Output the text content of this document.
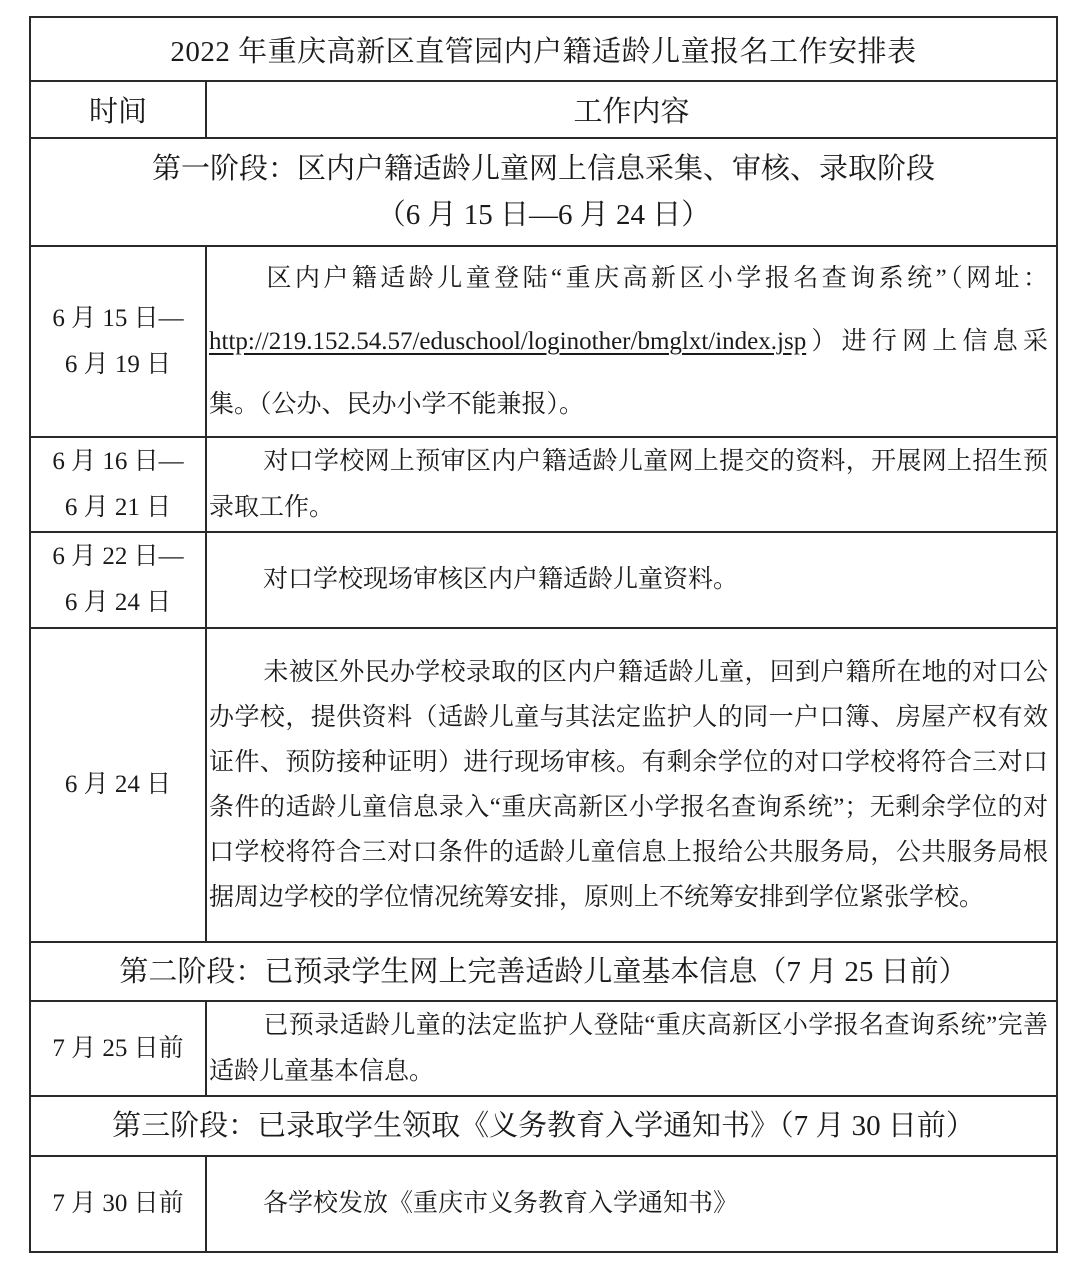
2022 年重庆高新区直管园内户籍适龄儿童报名工作安排表	
时间	工作内容

第一阶段：区内户籍适龄儿童网上信息采集、审核、录取阶段
（6 月 15 日—6 月 24 日）	

6 月 15 日—
6 月 19 日	区内户籍适龄儿童登陆“重庆高新区小学报名查询系统”（网址：http://219.152.54.57/eduschool/loginother/bmglxt/index.jsp）进行网上信息采集。（公办、民办小学不能兼报）。

6 月 16 日—
6 月 21 日	对口学校网上预审区内户籍适龄儿童网上提交的资料，开展网上招生预录取工作。

6 月 22 日—
6 月 24 日	对口学校现场审核区内户籍适龄儿童资料。

6 月 24 日	未被区外民办学校录取的区内户籍适龄儿童，回到户籍所在地的对口公办学校，提供资料（适龄儿童与其法定监护人的同一户口簿、房屋产权有效证件、预防接种证明）进行现场审核。有剩余学位的对口学校将符合三对口条件的适龄儿童信息录入“重庆高新区小学报名查询系统”；无剩余学位的对口学校将符合三对口条件的适龄儿童信息上报给公共服务局，公共服务局根据周边学校的学位情况统筹安排，原则上不统筹安排到学位紧张学校。
第二阶段：已预录学生网上完善适龄儿童基本信息（7 月 25 日前）	
7 月 25 日前	已预录适龄儿童的法定监护人登陆“重庆高新区小学报名查询系统”完善适龄儿童基本信息。
第三阶段：已录取学生领取《义务教育入学通知书》（7 月 30 日前）	
7 月 30 日前	各学校发放《重庆市义务教育入学通知书》
